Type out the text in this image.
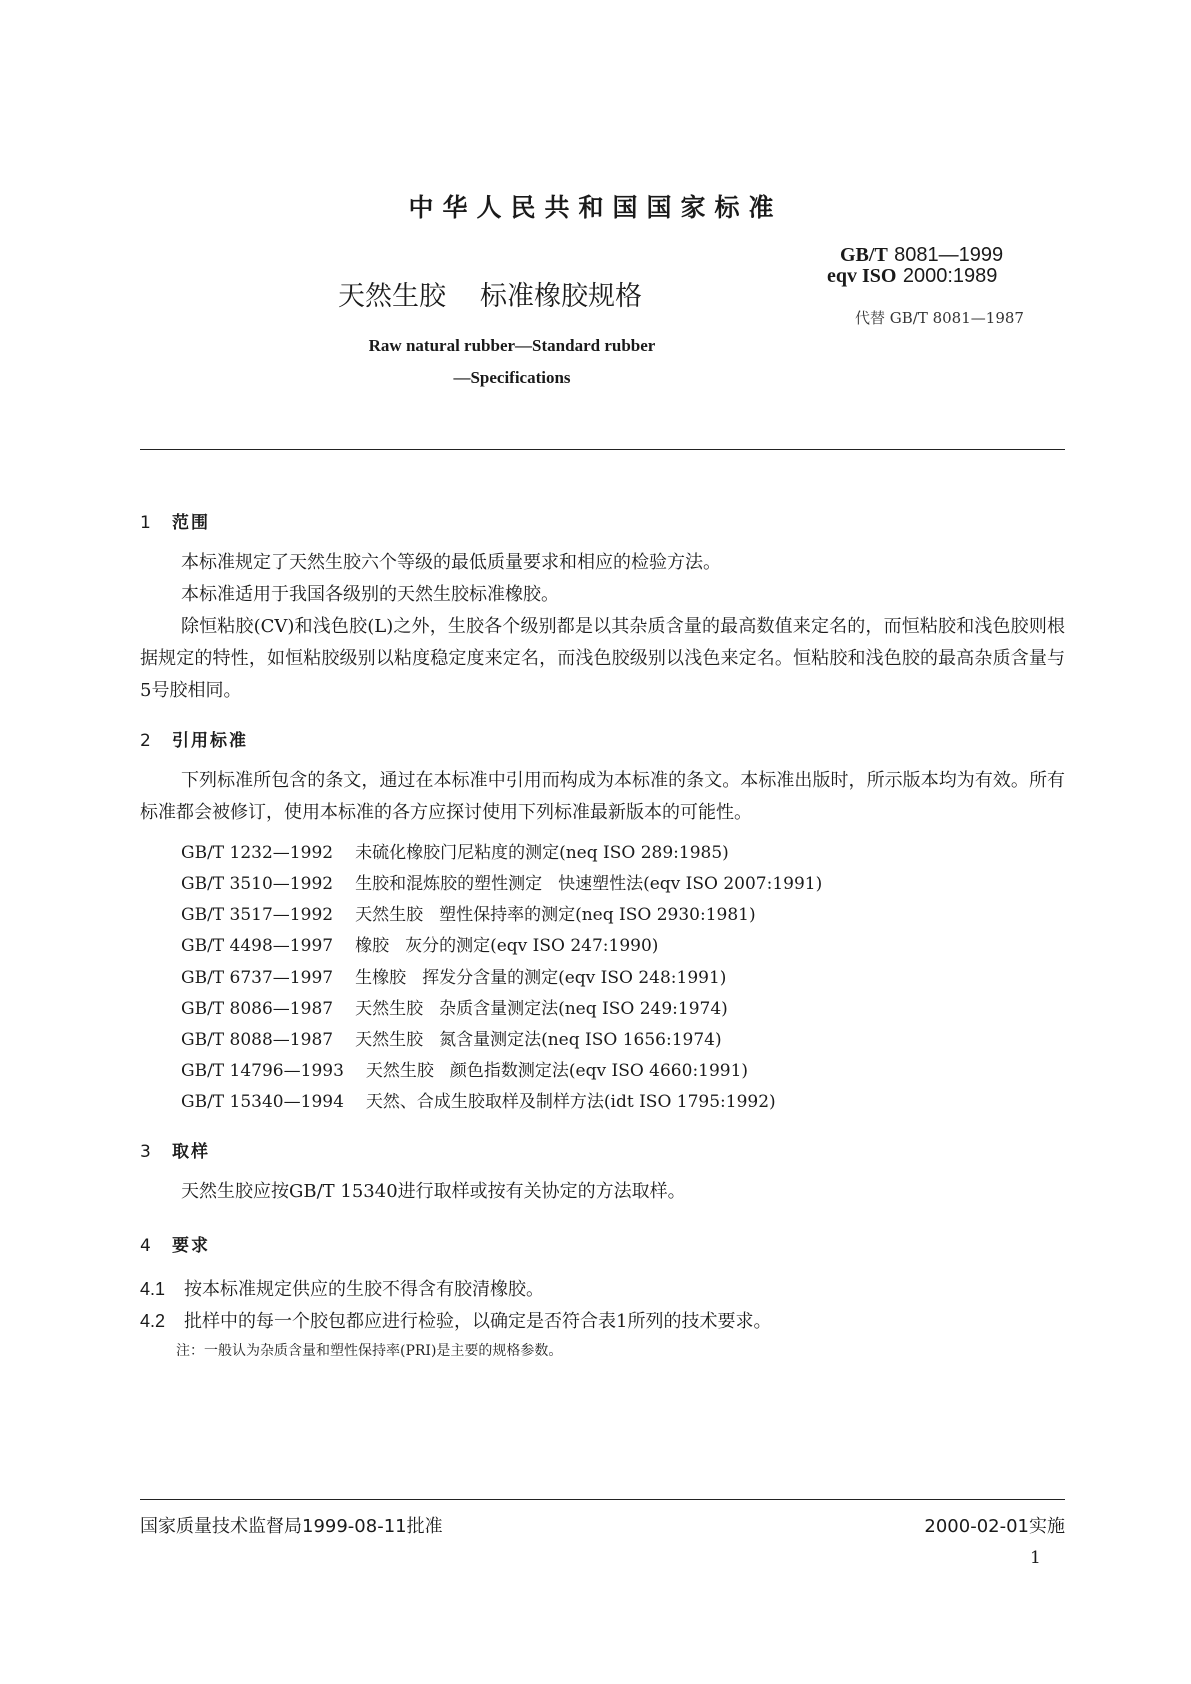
中华人民共和国国家标准
GB/T 8081—1999
eqv ISO 2000:1989
代替 GB/T 8081—1987
天然生胶 标准橡胶规格
Raw natural rubber—Standard rubber
—Specifications
1 范围
本标准规定了天然生胶六个等级的最低质量要求和相应的检验方法。
本标准适用于我国各级别的天然生胶标准橡胶。
除恒粘胶(CV)和浅色胶(L)之外，生胶各个级别都是以其杂质含量的最高数值来定名的，而恒粘胶和浅色胶则根据规定的特性，如恒粘胶级别以粘度稳定度来定名，而浅色胶级别以浅色来定名。恒粘胶和浅色胶的最高杂质含量与5号胶相同。
2 引用标准
下列标准所包含的条文，通过在本标准中引用而构成为本标准的条文。本标准出版时，所示版本均为有效。所有标准都会被修订，使用本标准的各方应探讨使用下列标准最新版本的可能性。
GB/T 1232—1992 未硫化橡胶门尼粘度的测定(neq ISO 289:1985)
GB/T 3510—1992 生胶和混炼胶的塑性测定 快速塑性法(eqv ISO 2007:1991)
GB/T 3517—1992 天然生胶 塑性保持率的测定(neq ISO 2930:1981)
GB/T 4498—1997 橡胶 灰分的测定(eqv ISO 247:1990)
GB/T 6737—1997 生橡胶 挥发分含量的测定(eqv ISO 248:1991)
GB/T 8086—1987 天然生胶 杂质含量测定法(neq ISO 249:1974)
GB/T 8088—1987 天然生胶 氮含量测定法(neq ISO 1656:1974)
GB/T 14796—1993 天然生胶 颜色指数测定法(eqv ISO 4660:1991)
GB/T 15340—1994 天然、合成生胶取样及制样方法(idt ISO 1795:1992)
3 取样
天然生胶应按GB/T 15340进行取样或按有关协定的方法取样。
4 要求
4.1 按本标准规定供应的生胶不得含有胶清橡胶。
4.2 批样中的每一个胶包都应进行检验，以确定是否符合表1所列的技术要求。
注：一般认为杂质含量和塑性保持率(PRI)是主要的规格参数。
国家质量技术监督局1999-08-11批准	2000-02-01实施
1
